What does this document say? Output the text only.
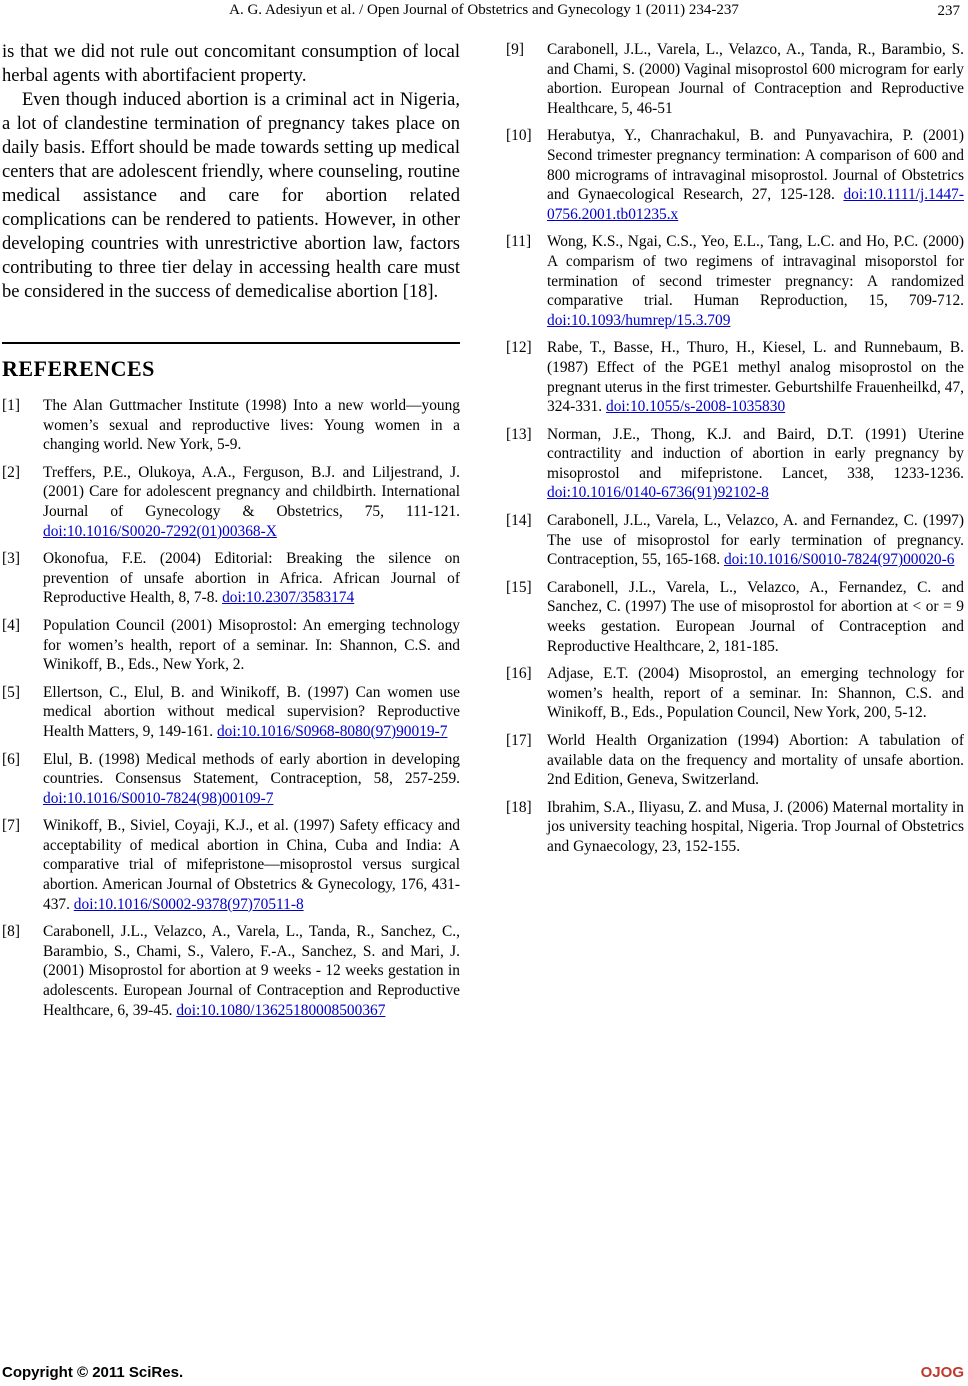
A. G. Adesiyun et al. / Open Journal of Obstetrics and Gynecology 1 (2011) 234-237	237

is that we did not rule out concomitant consumption of local herbal agents with abortifacient property.

Even though induced abortion is a criminal act in Nigeria, a lot of clandestine termination of pregnancy takes place on daily basis. Effort should be made towards setting up medical centers that are adolescent friendly, where counseling, routine medical assistance and care for abortion related complications can be rendered to patients. However, in other developing countries with unrestrictive abortion law, factors contributing to three tier delay in accessing health care must be considered in the success of demedicalise abortion [18].

REFERENCES
[1] The Alan Guttmacher Institute (1998) Into a new world—young women’s sexual and reproductive lives: Young women in a changing world. New York, 5-9.
[2] Treffers, P.E., Olukoya, A.A., Ferguson, B.J. and Liljestrand, J. (2001) Care for adolescent pregnancy and childbirth. International Journal of Gynecology & Obstetrics, 75, 111-121. doi:10.1016/S0020-7292(01)00368-X
[3] Okonofua, F.E. (2004) Editorial: Breaking the silence on prevention of unsafe abortion in Africa. African Journal of Reproductive Health, 8, 7-8. doi:10.2307/3583174
[4] Population Council (2001) Misoprostol: An emerging technology for women’s health, report of a seminar. In: Shannon, C.S. and Winikoff, B., Eds., New York, 2.
[5] Ellertson, C., Elul, B. and Winikoff, B. (1997) Can women use medical abortion without medical supervision? Reproductive Health Matters, 9, 149-161. doi:10.1016/S0968-8080(97)90019-7
[6] Elul, B. (1998) Medical methods of early abortion in developing countries. Consensus Statement, Contraception, 58, 257-259. doi:10.1016/S0010-7824(98)00109-7
[7] Winikoff, B., Siviel, Coyaji, K.J., et al. (1997) Safety efficacy and acceptability of medical abortion in China, Cuba and India: A comparative trial of mifepristone—misoprostol versus surgical abortion. American Journal of Obstetrics & Gynecology, 176, 431-437. doi:10.1016/S0002-9378(97)70511-8
[8] Carabonell, J.L., Velazco, A., Varela, L., Tanda, R., Sanchez, C., Barambio, S., Chami, S., Valero, F.-A., Sanchez, S. and Mari, J. (2001) Misoprostol for abortion at 9 weeks - 12 weeks gestation in adolescents. European Journal of Contraception and Reproductive Healthcare, 6, 39-45. doi:10.1080/13625180008500367
[9] Carabonell, J.L., Varela, L., Velazco, A., Tanda, R., Barambio, S. and Chami, S. (2000) Vaginal misoprostol 600 microgram for early abortion. European Journal of Contraception and Reproductive Healthcare, 5, 46-51
[10] Herabutya, Y., Chanrachakul, B. and Punyavachira, P. (2001) Second trimester pregnancy termination: A comparison of 600 and 800 micrograms of intravaginal misoprostol. Journal of Obstetrics and Gynaecological Research, 27, 125-128. doi:10.1111/j.1447-0756.2001.tb01235.x
[11] Wong, K.S., Ngai, C.S., Yeo, E.L., Tang, L.C. and Ho, P.C. (2000) A comparism of two regimens of intravaginal misoporstol for termination of second trimester pregnancy: A randomized comparative trial. Human Reproduction, 15, 709-712. doi:10.1093/humrep/15.3.709
[12] Rabe, T., Basse, H., Thuro, H., Kiesel, L. and Runnebaum, B. (1987) Effect of the PGE1 methyl analog misoprostol on the pregnant uterus in the first trimester. Geburtshilfe Frauenheilkd, 47, 324-331. doi:10.1055/s-2008-1035830
[13] Norman, J.E., Thong, K.J. and Baird, D.T. (1991) Uterine contractility and induction of abortion in early pregnancy by misoprostol and mifepristone. Lancet, 338, 1233-1236. doi:10.1016/0140-6736(91)92102-8
[14] Carabonell, J.L., Varela, L., Velazco, A. and Fernandez, C. (1997) The use of misoprostol for early termination of pregnancy. Contraception, 55, 165-168. doi:10.1016/S0010-7824(97)00020-6
[15] Carabonell, J.L., Varela, L., Velazco, A., Fernandez, C. and Sanchez, C. (1997) The use of misoprostol for abortion at < or = 9 weeks gestation. European Journal of Contraception and Reproductive Healthcare, 2, 181-185.
[16] Adjase, E.T. (2004) Misoprostol, an emerging technology for women’s health, report of a seminar. In: Shannon, C.S. and Winikoff, B., Eds., Population Council, New York, 200, 5-12.
[17] World Health Organization (1994) Abortion: A tabulation of available data on the frequency and mortality of unsafe abortion. 2nd Edition, Geneva, Switzerland.
[18] Ibrahim, S.A., Iliyasu, Z. and Musa, J. (2006) Maternal mortality in jos university teaching hospital, Nigeria. Trop Journal of Obstetrics and Gynaecology, 23, 152-155.
Copyright © 2011 SciRes.	OJOG
